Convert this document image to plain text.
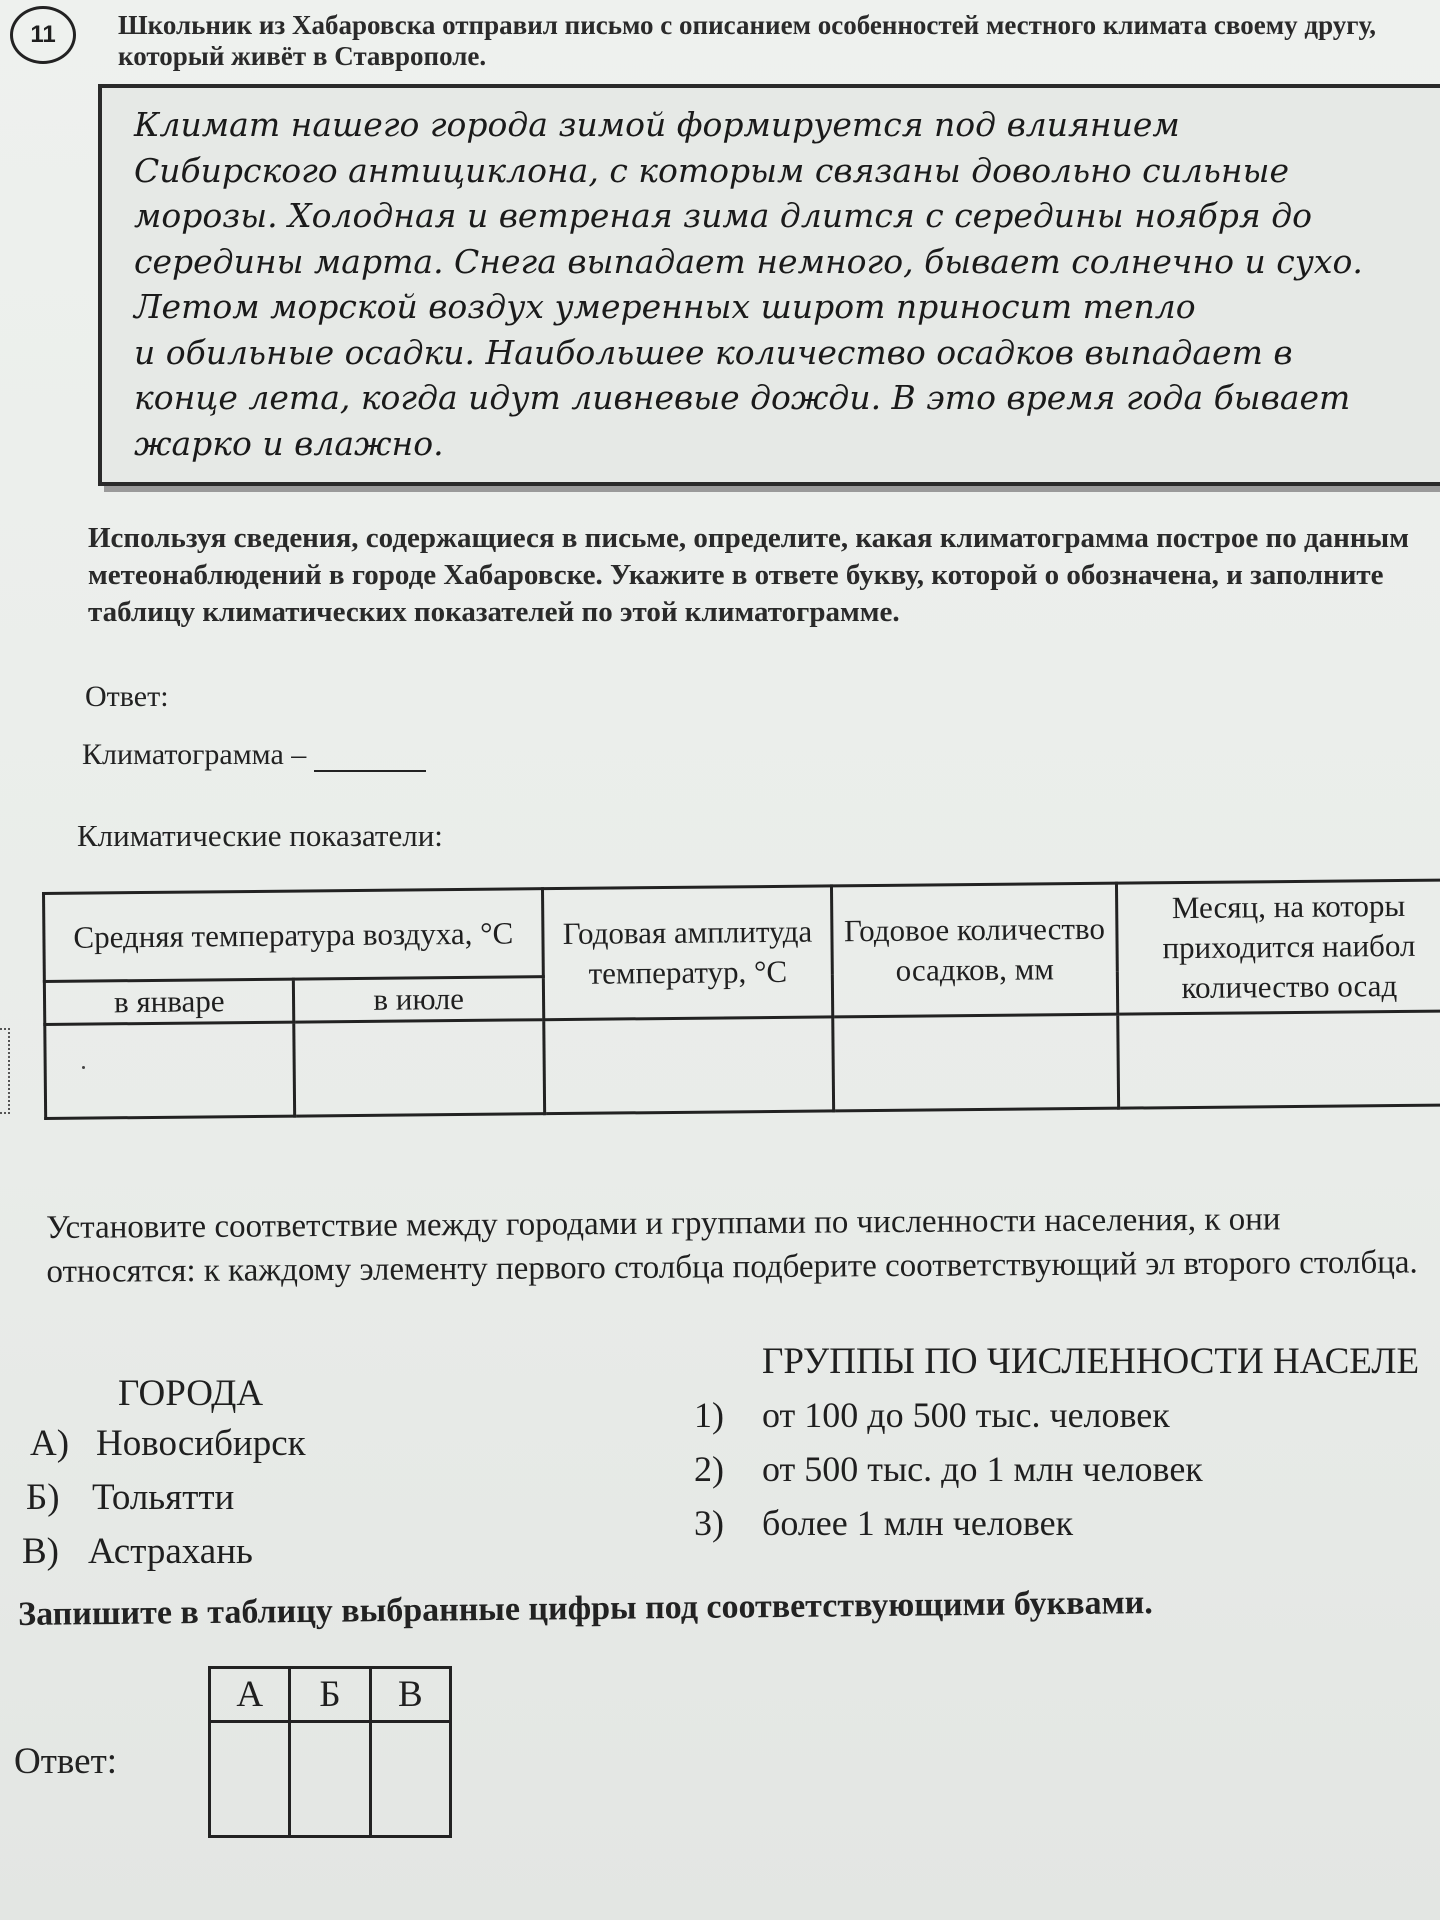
11	Школьник из Хабаровска отправил письмо с описанием особенностей местного климата своему другу, который живёт в Ставрополе.

Климат нашего города зимой формируется под влиянием

Сибирского антициклона, с которым связаны довольно сильные

морозы. Холодная и ветреная зима длится с середины ноября до

середины марта. Снега выпадает немного, бывает солнечно и сухо.

Летом морской воздух умеренных широт приносит тепло

и обильные осадки. Наибольшее количество осадков выпадает в

конце лета, когда идут ливневые дожди. В это время года бывает

жарко и влажно.

Используя сведения, содержащиеся в письме, определите, какая климатограмма построе по данным метеонаблюдений в городе Хабаровске. Укажите в ответе букву, которой о обозначена, и заполните таблицу климатических показателей по этой климатограмме.
Ответ:
Климатограмма –
Климатические показатели:
Средняя температура воздуха, °C		Годовая амплитуда температур, °C	Годовое количество осадков, мм	Месяц, на которы приходится наибол количество осад
в январе	в июле			

Установите соответствие между городами и группами по численности населения, к они относятся: к каждому элементу первого столбца подберите соответствующий эл второго столбца.
ГОРОДА
ГРУППЫ ПО ЧИСЛЕННОСТИ НАСЕЛЕ
А) Новосибирск
Б) Тольятти
В) Астрахань
1) от 100 до 500 тыс. человек
2) от 500 тыс. до 1 млн человек
3) более 1 млн человек
Запишите в таблицу выбранные цифры под соответствующими буквами.
Ответ:
А	Б	В
